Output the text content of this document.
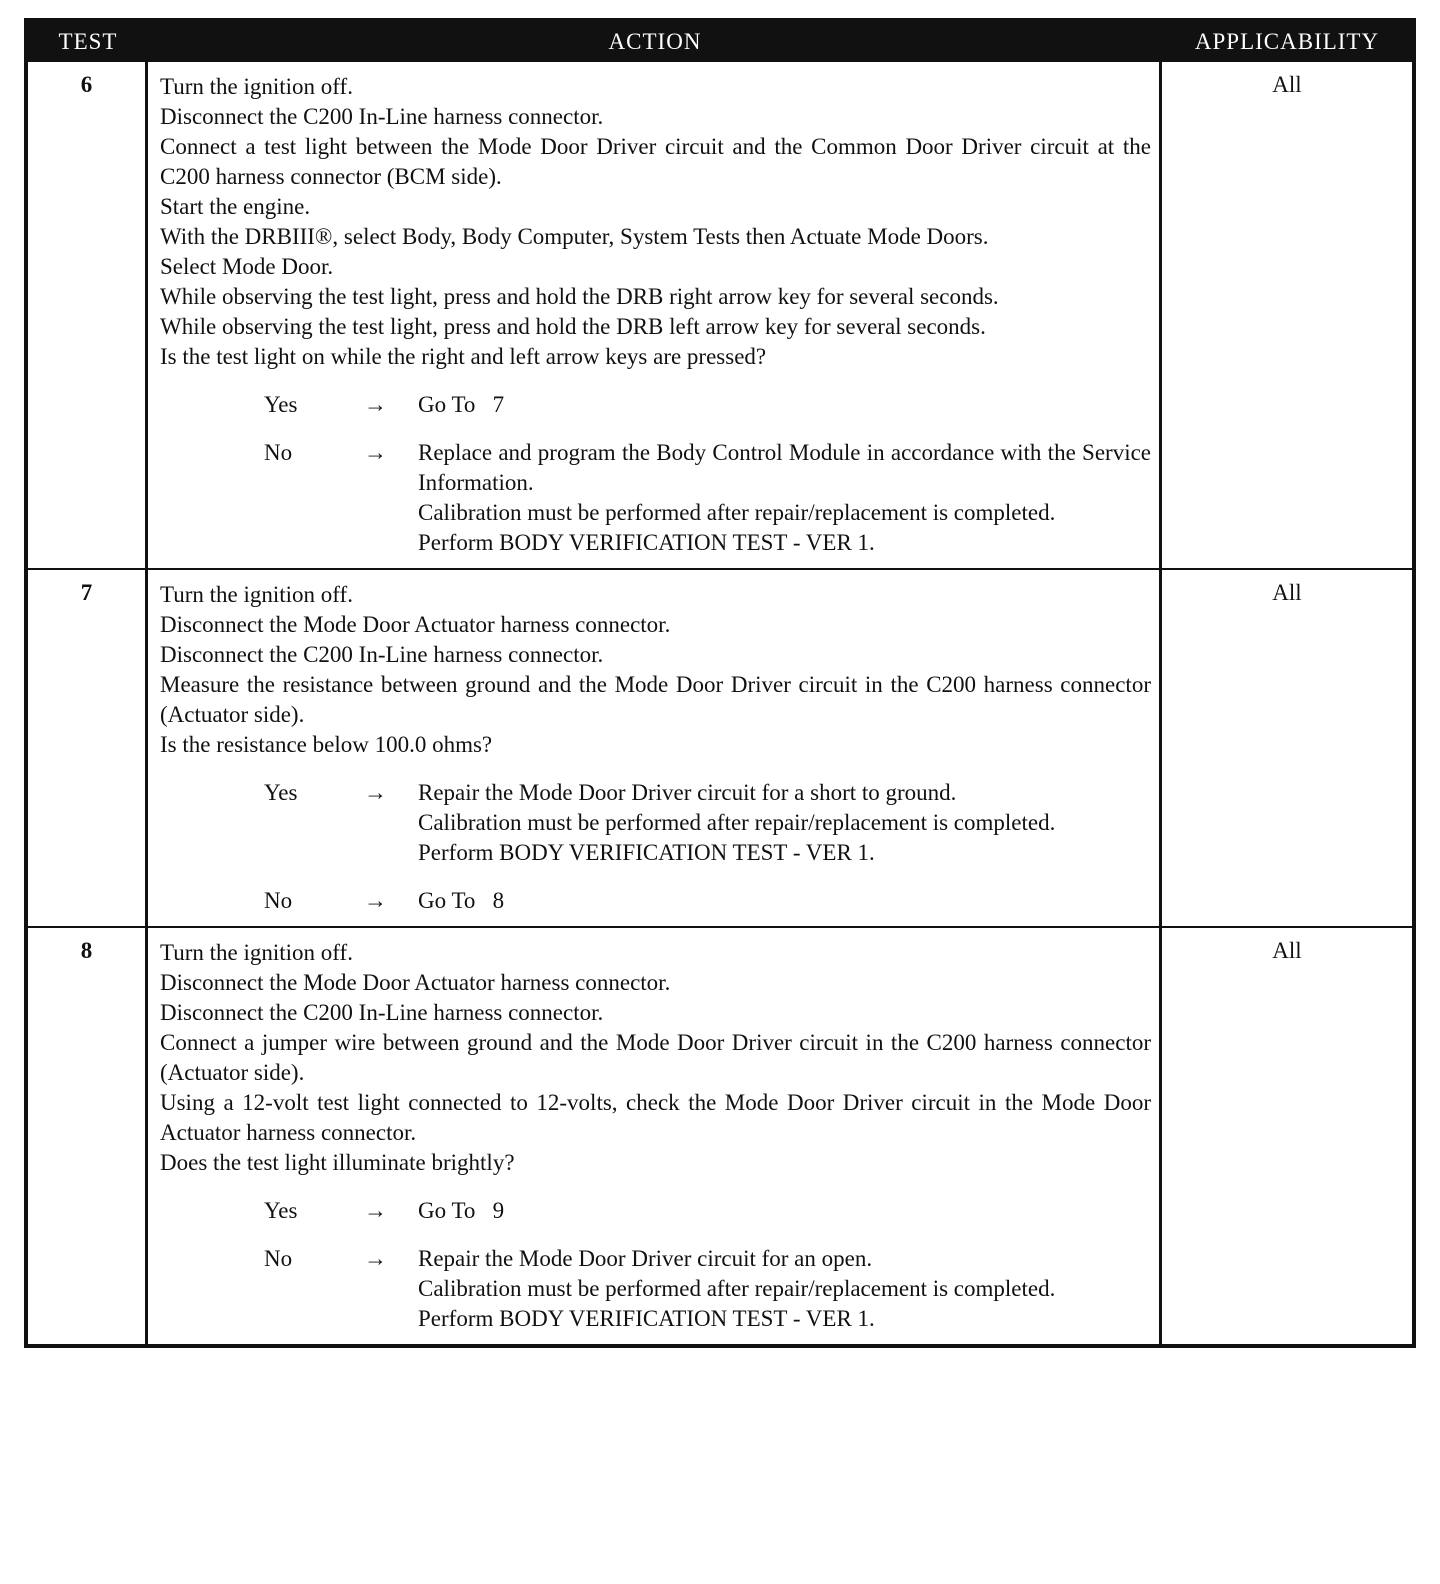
TEST	ACTION	APPLICABILITY
6	Turn the ignition off.
Disconnect the C200 In-Line harness connector.
Connect a test light between the Mode Door Driver circuit and the Common Door Driver circuit at the C200 harness connector (BCM side).
Start the engine.
With the DRBIII®, select Body, Body Computer, System Tests then Actuate Mode Doors.
Select Mode Door.
While observing the test light, press and hold the DRB right arrow key for several seconds.
While observing the test light, press and hold the DRB left arrow key for several seconds.
Is the test light on while the right and left arrow keys are pressed?
Yes	→	Go To   7
No	→	Replace and program the Body Control Module in accordance with the Service Information.
Calibration must be performed after repair/replacement is completed.
Perform BODY VERIFICATION TEST - VER 1.
All
7	Turn the ignition off.
Disconnect the Mode Door Actuator harness connector.
Disconnect the C200 In-Line harness connector.
Measure the resistance between ground and the Mode Door Driver circuit in the C200 harness connector (Actuator side).
Is the resistance below 100.0 ohms?
Yes	→	Repair the Mode Door Driver circuit for a short to ground.
Calibration must be performed after repair/replacement is completed.
Perform BODY VERIFICATION TEST - VER 1.
No	→	Go To   8
All
8	Turn the ignition off.
Disconnect the Mode Door Actuator harness connector.
Disconnect the C200 In-Line harness connector.
Connect a jumper wire between ground and the Mode Door Driver circuit in the C200 harness connector (Actuator side).
Using a 12-volt test light connected to 12-volts, check the Mode Door Driver circuit in the Mode Door Actuator harness connector.
Does the test light illuminate brightly?
Yes	→	Go To   9
No	→	Repair the Mode Door Driver circuit for an open.
Calibration must be performed after repair/replacement is completed.
Perform BODY VERIFICATION TEST - VER 1.
All
